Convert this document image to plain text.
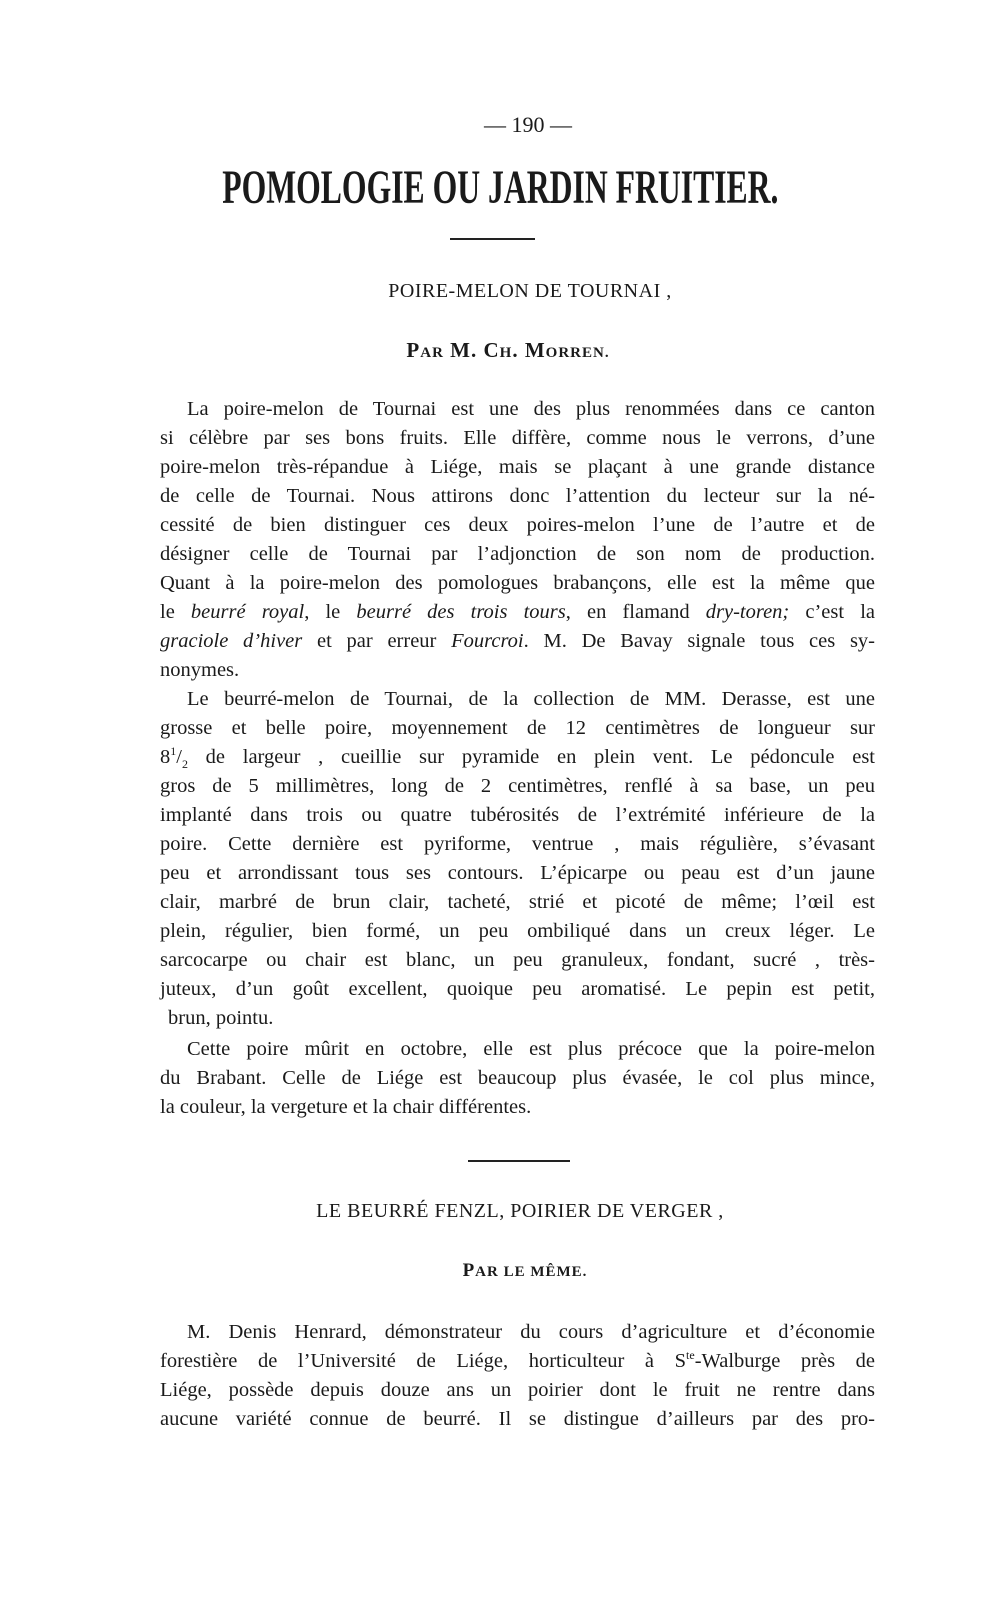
— 190 —
POMOLOGIE OU JARDIN FRUITIER.
POIRE-MELON DE TOURNAI ,
PAR M. CH. MORREN.
La poire-melon de Tournai est une des plus renommées dans ce canton
si célèbre par ses bons fruits. Elle diffère, comme nous le verrons, d’une
poire-melon très-répandue à Liége, mais se plaçant à une grande distance
de celle de Tournai. Nous attirons donc l’attention du lecteur sur la né-
cessité de bien distinguer ces deux poires-melon l’une de l’autre et de
désigner celle de Tournai par l’adjonction de son nom de production.
Quant à la poire-melon des pomologues brabançons, elle est la même que
le beurré royal, le beurré des trois tours, en flamand dry-toren; c’est la
graciole d’hiver et par erreur Fourcroi. M. De Bavay signale tous ces sy-
nonymes.
Le beurré-melon de Tournai, de la collection de MM. Derasse, est une
grosse et belle poire, moyennement de 12 centimètres de longueur sur
$8^1/_2$ de largeur , cueillie sur pyramide en plein vent. Le pédoncule est
gros de 5 millimètres, long de 2 centimètres, renflé à sa base, un peu
implanté dans trois ou quatre tubérosités de l’extrémité inférieure de la
poire. Cette dernière est pyriforme, ventrue , mais régulière, s’évasant
peu et arrondissant tous ses contours. L’épicarpe ou peau est d’un jaune
clair, marbré de brun clair, tacheté, strié et picoté de même; l’œil est
plein, régulier, bien formé, un peu ombiliqué dans un creux léger. Le
sarcocarpe ou chair est blanc, un peu granuleux, fondant, sucré , très-
juteux, d’un goût excellent, quoique peu aromatisé. Le pepin est petit,
brun, pointu.
Cette poire mûrit en octobre, elle est plus précoce que la poire-melon
du Brabant. Celle de Liége est beaucoup plus évasée, le col plus mince,
la couleur, la vergeture et la chair différentes.
LE BEURRÉ FENZL, POIRIER DE VERGER ,
PAR LE MÊME.
M. Denis Henrard, démonstrateur du cours d’agriculture et d’économie
forestière de l’Université de Liége, horticulteur à $S^{te}$-Walburge près de
Liége, possède depuis douze ans un poirier dont le fruit ne rentre dans
aucune variété connue de beurré. Il se distingue d’ailleurs par des pro-
